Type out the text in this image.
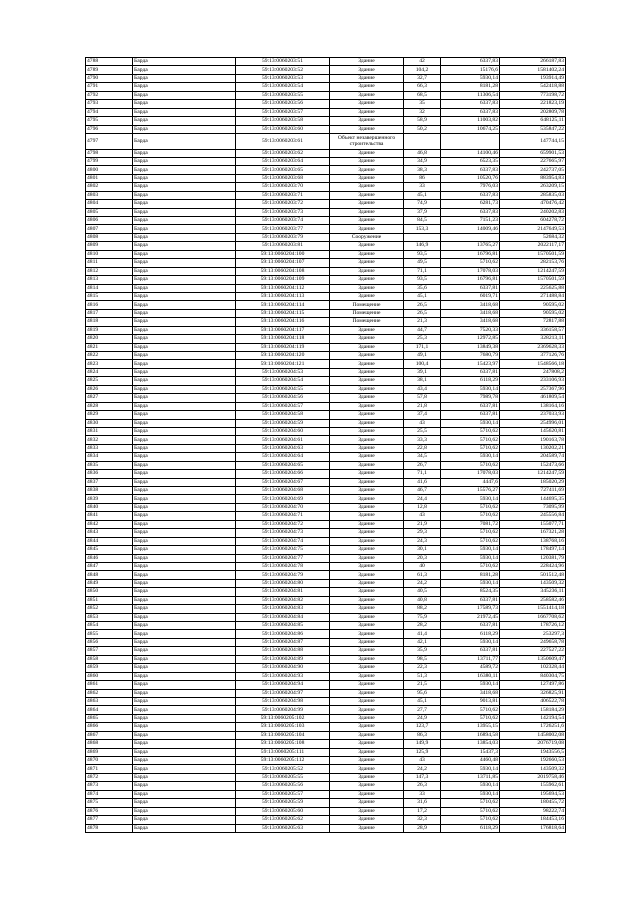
4788	Барда	59:13:0060203:51	Здание	42	6337,83	266187,83
4789	Барда	59:13:0060203:52	Здание	104,2	15176,6	1581402,24
4790	Барда	59:13:0060203:53	Здание	32,7	5930,14	193914,49
4791	Барда	59:13:0060203:54	Здание	66,3	8181,28	542418,88
4792	Барда	59:13:0060203:55	Здание	68,5	11306,54	773198,72
4793	Барда	59:13:0060203:56	Здание	35	6337,83	221823,19
4794	Барда	59:13:0060203:57	Здание	32	6337,83	202809,78
4795	Барда	59:13:0060203:58	Здание	58,9	11003,82	648125,11
4796	Барда	59:13:0060203:60	Здание	50,2	10674,25	535847,22
4797	Барда	59:13:0060203:61	Объект незавершенного строительства			147744,15
4798	Барда	59:13:0060203:62	Здание	46,8	14100,46	659901,53
4799	Барда	59:13:0060203:64	Здание	34,9	6523,35	227665,97
4800	Барда	59:13:0060203:65	Здание	38,3	6337,83	242737,05
4801	Барда	59:13:0060203:68	Здание	86	10520,76	883954,83
4802	Барда	59:13:0060203:70	Здание	33	7976,03	263209,15
4803	Барда	59:13:0060203:71	Здание	45,1	6337,83	285835,03
4804	Барда	59:13:0060203:72	Здание	74,9	6281,73	470476,42
4805	Барда	59:13:0060203:73	Здание	37,9	6337,83	240202,83
4806	Барда	59:13:0060203:74	Здание	84,5	7151,23	604278,72
4807	Барда	59:13:0060203:77	Здание	153,3	14009,46	2147649,53
4808	Барда	59:13:0060203:79	Сооружение			52684,32
4809	Барда	59:13:0060203:81	Здание	146,9	13765,27	2022117,17
4810	Барда	59:13:0060204:100	Здание	93,5	16796,81	1570501,59
4811	Барда	59:13:0060204:107	Здание	49,5	5710,62	282153,76
4812	Барда	59:13:0060204:108	Здание	71,1	17078,03	1214247,59
4813	Барда	59:13:0060204:109	Здание	93,5	16796,81	1570501,59
4814	Барда	59:13:0060204:112	Здание	35,6	6337,81	225625,88
4815	Барда	59:13:0060204:113	Здание	45,1	6019,71	271488,84
4816	Барда	59:13:0060204:114	Помещение	26,5	3418,68	90595,02
4817	Барда	59:13:0060204:115	Помещение	26,5	3418,68	90595,02
4818	Барда	59:13:0060204:116	Помещение	21,3	3418,68	72817,88
4819	Барда	59:13:0060204:117	Здание	44,7	7520,33	336158,57
4820	Барда	59:13:0060204:118	Здание	25,3	12972,85	328213,11
4821	Барда	59:13:0060204:119	Здание	171,1	13849,38	2369628,33
4822	Барда	59:13:0060204:120	Здание	49,1	7680,79	377126,76
4823	Барда	59:13:0060204:121	Здание	100,4	15423,97	1548566,18
4824	Барда	59:13:0060204:53	Здание	39,1	6337,81	247808,2
4825	Барда	59:13:0060204:54	Здание	38,1	6118,29	233106,93
4826	Барда	59:13:0060204:55	Здание	43,4	5930,14	257367,96
4827	Барда	59:13:0060204:56	Здание	57,8	7989,78	461809,54
4828	Барда	59:13:0060204:57	Здание	21,8	6337,81	138164,16
4829	Барда	59:13:0060204:58	Здание	37,4	6337,81	237033,93
4830	Барда	59:13:0060204:59	Здание	43	5930,14	254996,01
4831	Барда	59:13:0060204:60	Здание	25,5	5710,62	145620,81
4832	Барда	59:13:0060204:61	Здание	33,3	5710,62	190163,78
4833	Барда	59:13:0060204:63	Здание	22,8	5710,62	130202,21
4834	Барда	59:13:0060204:64	Здание	34,5	5930,14	204589,74
4835	Барда	59:13:0060204:65	Здание	26,7	5710,62	152473,66
4836	Барда	59:13:0060204:66	Здание	71,1	17078,03	1214247,59
4837	Барда	59:13:0060204:67	Здание	41,6	4447,6	185020,29
4838	Барда	59:13:0060204:68	Здание	46,7	15576,27	727411,69
4839	Барда	59:13:0060204:69	Здание	24,4	5930,14	144695,35
4840	Барда	59:13:0060204:70	Здание	12,8	5710,62	73095,99
4841	Барда	59:13:0060204:71	Здание	43	5710,62	245556,84
4842	Барда	59:13:0060204:72	Здание	21,9	7081,72	155077,71
4843	Барда	59:13:0060204:73	Здание	29,3	5710,62	167321,28
4844	Барда	59:13:0060204:74	Здание	24,3	5710,62	138768,16
4845	Барда	59:13:0060204:75	Здание	30,1	5930,14	178497,14
4846	Барда	59:13:0060204:77	Здание	20,3	5930,14	120381,79
4847	Барда	59:13:0060204:78	Здание	40	5710,62	228424,96
4848	Барда	59:13:0060204:79	Здание	61,3	8181,28	501512,48
4849	Барда	59:13:0060204:80	Здание	24,2	5930,14	143509,32
4850	Барда	59:13:0060204:81	Здание	40,5	8524,35	345236,11
4851	Барда	59:13:0060204:82	Здание	40,8	6337,81	258582,46
4852	Барда	59:13:0060204:83	Здание	88,2	17589,73	1551414,18
4853	Барда	59:13:0060204:84	Здание	75,9	21972,45	1667708,62
4854	Барда	59:13:0060204:85	Здание	28,2	6337,81	178726,12
4855	Барда	59:13:0060204:86	Здание	41,4	6118,29	253297,3
4856	Барда	59:13:0060204:87	Здание	42,1	5930,14	249658,78
4857	Барда	59:13:0060204:88	Здание	35,9	6337,81	227527,22
4858	Барда	59:13:0060204:89	Здание	98,5	13711,77	1350609,47
4859	Барда	59:13:0060204:90	Здание	22,3	4589,72	102328,44
4860	Барда	59:13:0060204:93	Здание	51,3	16380,11	840304,75
4861	Барда	59:13:0060204:94	Здание	21,5	5930,14	127497,86
4862	Барда	59:13:0060204:97	Здание	95,6	3418,68	326825,91
4863	Барда	59:13:0060204:98	Здание	45,1	9013,81	406522,78
4864	Барда	59:13:0060204:99	Здание	27,7	5710,62	158184,29
4865	Барда	59:13:0060205:102	Здание	24,9	5710,62	142194,54
4866	Барда	59:13:0060205:103	Здание	123,7	13955,15	1726251,6
4867	Барда	59:13:0060205:104	Здание	86,3	16894,58	1458002,08
4868	Барда	59:13:0060205:108	Здание	149,9	13854,03	2076719,08
4869	Барда	59:13:0060205:111	Здание	125,9	15437,3	1943556,5
4870	Барда	59:13:0060205:112	Здание	43	4460,48	192660,53
4871	Барда	59:13:0060205:52	Здание	24,2	5930,14	143509,32
4872	Барда	59:13:0060205:55	Здание	147,3	13711,85	2019758,46
4873	Барда	59:13:0060205:56	Здание	26,3	5930,14	155962,61
4874	Барда	59:13:0060205:57	Здание	33	5930,14	195694,53
4875	Барда	59:13:0060205:59	Здание	31,6	5710,62	180455,72
4876	Барда	59:13:0060205:60	Здание	17,2	5710,62	98222,74
4877	Барда	59:13:0060205:62	Здание	32,3	5710,62	184453,16
4878	Барда	59:13:0060205:63	Здание	28,9	6118,29	176818,64
